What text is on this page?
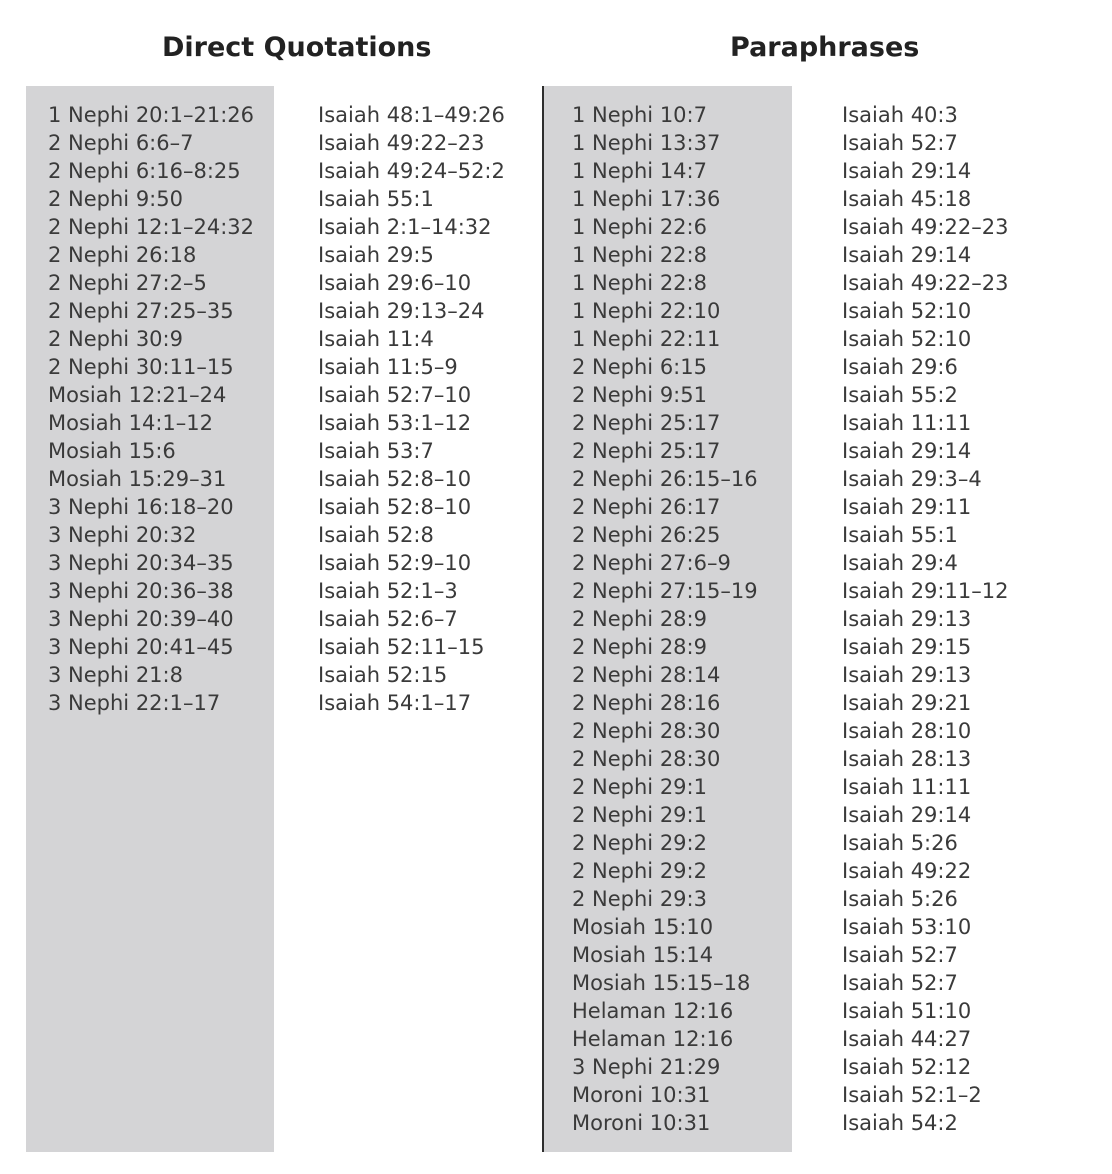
Direct Quotations	Paraphrases
1 Nephi 20:1–21:26
2 Nephi 6:6–7
2 Nephi 6:16–8:25
2 Nephi 9:50
2 Nephi 12:1–24:32
2 Nephi 26:18
2 Nephi 27:2–5
2 Nephi 27:25–35
2 Nephi 30:9
2 Nephi 30:11–15
Mosiah 12:21–24
Mosiah 14:1–12
Mosiah 15:6
Mosiah 15:29–31
3 Nephi 16:18–20
3 Nephi 20:32
3 Nephi 20:34–35
3 Nephi 20:36–38
3 Nephi 20:39–40
3 Nephi 20:41–45
3 Nephi 21:8
3 Nephi 22:1–17
Isaiah 48:1–49:26
Isaiah 49:22–23
Isaiah 49:24–52:2
Isaiah 55:1
Isaiah 2:1–14:32
Isaiah 29:5
Isaiah 29:6–10
Isaiah 29:13–24
Isaiah 11:4
Isaiah 11:5–9
Isaiah 52:7–10
Isaiah 53:1–12
Isaiah 53:7
Isaiah 52:8–10
Isaiah 52:8–10
Isaiah 52:8
Isaiah 52:9–10
Isaiah 52:1–3
Isaiah 52:6–7
Isaiah 52:11–15
Isaiah 52:15
Isaiah 54:1–17
1 Nephi 10:7
1 Nephi 13:37
1 Nephi 14:7
1 Nephi 17:36
1 Nephi 22:6
1 Nephi 22:8
1 Nephi 22:8
1 Nephi 22:10
1 Nephi 22:11
2 Nephi 6:15
2 Nephi 9:51
2 Nephi 25:17
2 Nephi 25:17
2 Nephi 26:15–16
2 Nephi 26:17
2 Nephi 26:25
2 Nephi 27:6–9
2 Nephi 27:15–19
2 Nephi 28:9
2 Nephi 28:9
2 Nephi 28:14
2 Nephi 28:16
2 Nephi 28:30
2 Nephi 28:30
2 Nephi 29:1
2 Nephi 29:1
2 Nephi 29:2
2 Nephi 29:2
2 Nephi 29:3
Mosiah 15:10
Mosiah 15:14
Mosiah 15:15–18
Helaman 12:16
Helaman 12:16
3 Nephi 21:29
Moroni 10:31
Moroni 10:31
Isaiah 40:3
Isaiah 52:7
Isaiah 29:14
Isaiah 45:18
Isaiah 49:22–23
Isaiah 29:14
Isaiah 49:22–23
Isaiah 52:10
Isaiah 52:10
Isaiah 29:6
Isaiah 55:2
Isaiah 11:11
Isaiah 29:14
Isaiah 29:3–4
Isaiah 29:11
Isaiah 55:1
Isaiah 29:4
Isaiah 29:11–12
Isaiah 29:13
Isaiah 29:15
Isaiah 29:13
Isaiah 29:21
Isaiah 28:10
Isaiah 28:13
Isaiah 11:11
Isaiah 29:14
Isaiah 5:26
Isaiah 49:22
Isaiah 5:26
Isaiah 53:10
Isaiah 52:7
Isaiah 52:7
Isaiah 51:10
Isaiah 44:27
Isaiah 52:12
Isaiah 52:1–2
Isaiah 54:2
